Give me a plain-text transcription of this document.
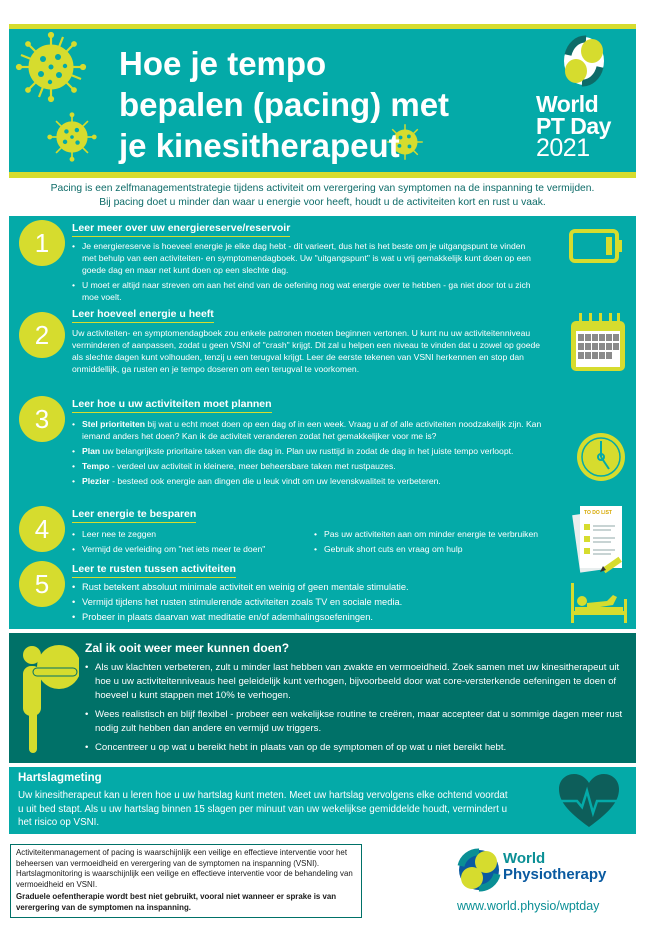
Hoe je tempo
bepalen (pacing) met
je kinesitherapeut
World
PT Day
2021
Pacing is een zelfmanagementstrategie tijdens activiteit om verergering van symptomen na de inspanning te vermijden.
Bij pacing doet u minder dan waar u energie voor heeft, houdt u de activiteiten kort en rust u vaak.
1	Leer meer over uw energiereserve/reservoir
• Je energiereserve is hoeveel energie je elke dag hebt - dit varieert, dus het is het beste om je uitgangspunt te vinden met behulp van een activiteiten- en symptomendagboek. Uw "uitgangspunt" is wat u vrij gemakkelijk kunt doen op een goede dag en maar net kunt doen op een slechte dag.
• U moet er altijd naar streven om aan het eind van de oefening nog wat energie over te hebben - ga niet door tot u zich moe voelt.
2
Leer hoeveel energie u heeft
Uw activiteiten- en symptomendagboek zou enkele patronen moeten beginnen vertonen. U kunt nu uw activiteitenniveau verminderen of aanpassen, zodat u geen VSNI of "crash" krijgt. Dit zal u helpen een niveau te vinden dat u zowel op goede als slechte dagen kunt volhouden, tenzij u een terugval krijgt. Leer de eerste tekenen van VSNI herkennen en stop dan onmiddellijk, ga rusten en je tempo doseren om een terugval te voorkomen.
3	Leer hoe u uw activiteiten moet plannen
• Stel prioriteiten bij wat u echt moet doen op een dag of in een week. Vraag u af of alle activiteiten noodzakelijk zijn. Kan iemand anders het doen? Kan ik de activiteit veranderen zodat het gemakkelijker voor me is?
• Plan uw belangrijkste prioritaire taken van die dag in. Plan uw rusttijd in zodat de dag in het juiste tempo verloopt.
• Tempo - verdeel uw activiteit in kleinere, meer beheersbare taken met rustpauzes.
• Plezier - besteed ook energie aan dingen die u leuk vindt om uw levenskwaliteit te verbeteren.
4	Leer energie te besparen
• Leer nee te zeggen
• Vermijd de verleiding om "net iets meer te doen"
• Pas uw activiteiten aan om minder energie te verbruiken
• Gebruik short cuts en vraag om hulp
TO DO LIST
5	Leer te rusten tussen activiteiten
• Rust betekent absoluut minimale activiteit en weinig of geen mentale stimulatie.
• Vermijd tijdens het rusten stimulerende activiteiten zoals TV en sociale media.
• Probeer in plaats daarvan wat meditatie en/of ademhalingsoefeningen.
Zal ik ooit weer meer kunnen doen?
• Als uw klachten verbeteren, zult u minder last hebben van zwakte en vermoeidheid. Zoek samen met uw kinesitherapeut uit hoe u uw activiteitenniveaus heel geleidelijk kunt verhogen, bijvoorbeeld door wat core-versterkende oefeningen te doen of hoeveel u kunt stappen met 10% te verhogen.
• Wees realistisch en blijf flexibel - probeer een wekelijkse routine te creëren, maar accepteer dat u sommige dagen meer rust nodig zult hebben dan andere en vermijd uw triggers.
• Concentreer u op wat u bereikt hebt in plaats van op de symptomen of op wat u niet bereikt hebt.
Hartslagmeting
Uw kinesitherapeut kan u leren hoe u uw hartslag kunt meten. Meet uw hartslag vervolgens elke ochtend voordat u uit bed stapt. Als u uw hartslag binnen 15 slagen per minuut van uw wekelijkse gemiddelde houdt, vermindert u het risico op VSNI.
Activiteitenmanagement of pacing is waarschijnlijk een veilige en effectieve interventie voor het beheersen van vermoeidheid en verergering van de symptomen na inspanning (VSNI).
Hartslagmonitoring is waarschijnlijk een veilige en effectieve interventie voor de behandeling van vermoeidheid en VSNI.
Graduele oefentherapie wordt best niet gebruikt, vooral niet wanneer er sprake is van verergering van de symptomen na inspanning.
World
Physiotherapy
www.world.physio/wptday
